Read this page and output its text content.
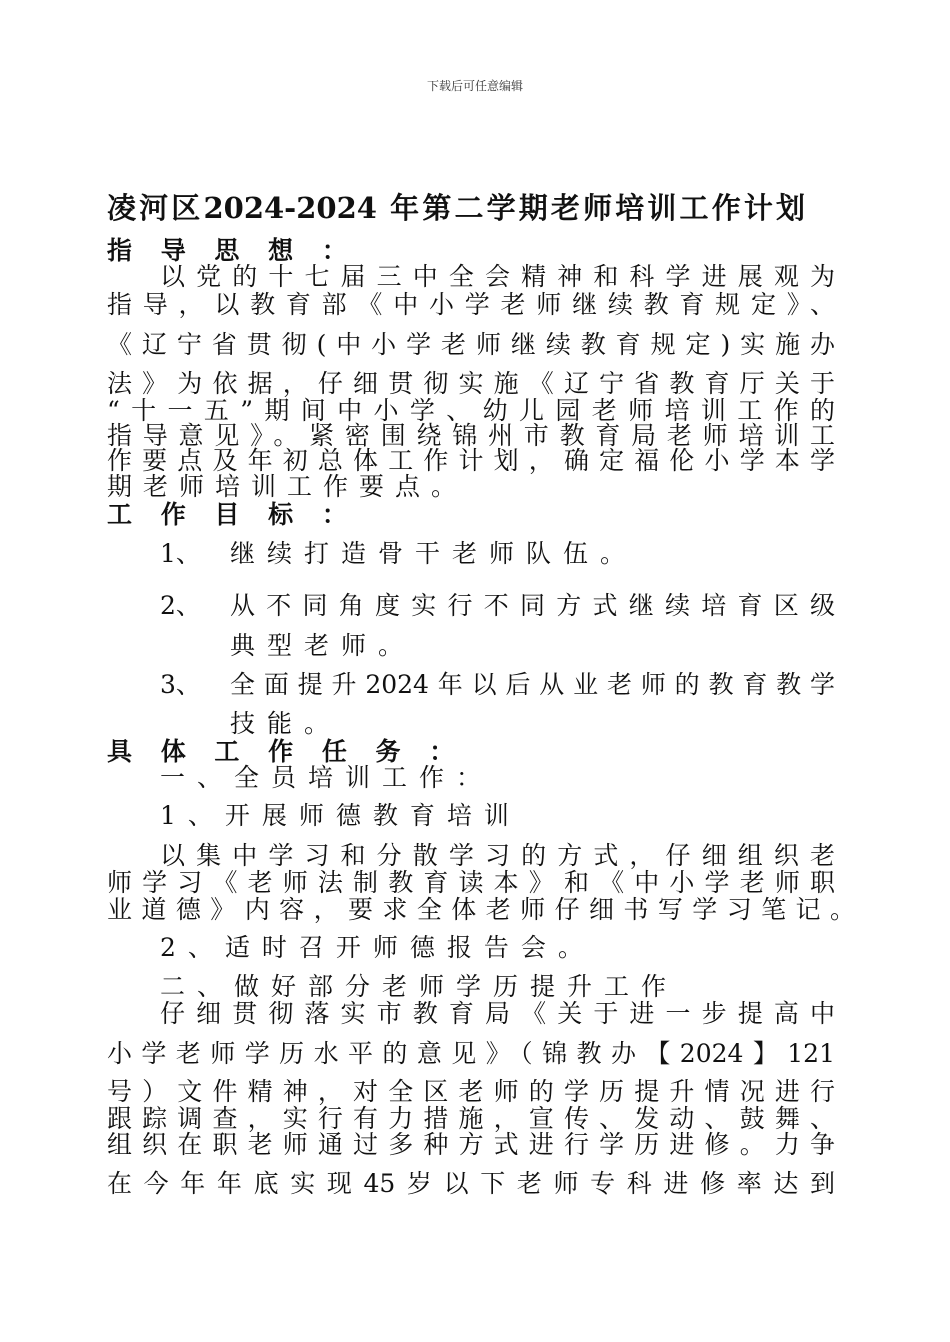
下载后可任意编辑
凌河区2024-2024 年第二学期老师培训工作计划
指 导 思 想 ：
以党的十七届三中全会精神和科学进展观为
指导，以教育部《中小学老师继续教育规定》、
《辽宁省贯彻(中小学老师继续教育规定)实施办
法》为依据，仔细贯彻实施《辽宁省教育厅关于
“十一五”期间中小学、幼儿园老师培训工作的
指导意见》。紧密围绕锦州市教育局老师培训工
作要点及年初总体工作计划，确定福伦小学本学
期老师培训工作要点。
工 作 目 标 ：
1、 继续打造骨干老师队伍。
2、 从不同角度实行不同方式继续培育区级
典型老师。
3、 全面提升2024年以后从业老师的教育教学
技能。
具 体 工 作 任 务 ：
一、全员培训工作：
1、开展师德教育培训
以集中学习和分散学习的方式，仔细组织老
师学习《老师法制教育读本》和《中小学老师职
业道德》内容，要求全体老师仔细书写学习笔记。
2、适时召开师德报告会。
二、做好部分老师学历提升工作
仔细贯彻落实市教育局《关于进一步提高中
小学老师学历水平的意见》（锦教办【2024】121
号）文件精神，对全区老师的学历提升情况进行
跟踪调查，实行有力措施，宣传、发动、鼓舞、
组织在职老师通过多种方式进行学历进修。力争
在今年年底实现45岁以下老师专科进修率达到
